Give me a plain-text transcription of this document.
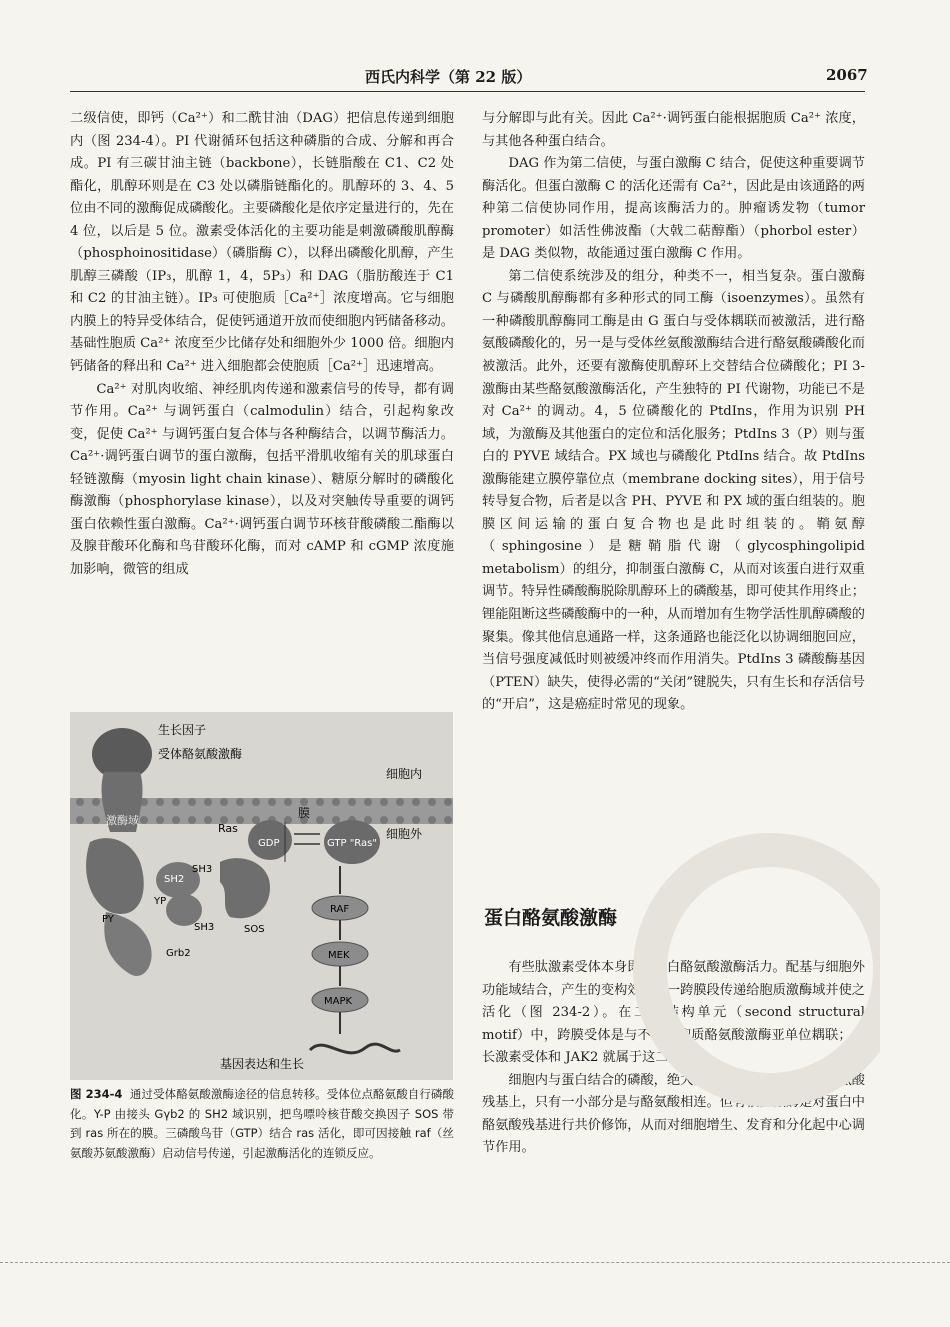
西氏内科学（第 22 版）	2067

二级信使，即钙（Ca²⁺）和二酰甘油（DAG）把信息传递到细胞内（图 234-4）。PI 代谢循环包括这种磷脂的合成、分解和再合成。PI 有三碳甘油主链（backbone），长链脂酸在 C1、C2 处酯化，肌醇环则是在 C3 处以磷脂链酯化的。肌醇环的 3、4、5 位由不同的激酶促成磷酸化。主要磷酸化是依序定量进行的，先在 4 位，以后是 5 位。激素受体活化的主要功能是刺激磷酸肌醇酶（phosphoinositidase）（磷脂酶 C），以释出磷酸化肌醇，产生肌醇三磷酸（IP₃，肌醇 1，4，5P₃）和 DAG（脂肪酸连于 C1 和 C2 的甘油主链）。IP₃ 可使胞质［Ca²⁺］浓度增高。它与细胞内膜上的特异受体结合，促使钙通道开放而使细胞内钙储备移动。基础性胞质 Ca²⁺ 浓度至少比储存处和细胞外少 1000 倍。细胞内钙储备的释出和 Ca²⁺ 进入细胞都会使胞质［Ca²⁺］迅速增高。

Ca²⁺ 对肌肉收缩、神经肌肉传递和激素信号的传导，都有调节作用。Ca²⁺ 与调钙蛋白（calmodulin）结合，引起构象改变，促使 Ca²⁺ 与调钙蛋白复合体与各种酶结合，以调节酶活力。Ca²⁺·调钙蛋白调节的蛋白激酶，包括平滑肌收缩有关的肌球蛋白轻链激酶（myosin light chain kinase）、糖原分解时的磷酸化酶激酶（phosphorylase kinase），以及对突触传导重要的调钙蛋白依赖性蛋白激酶。Ca²⁺·调钙蛋白调节环核苷酸磷酸二酯酶以及腺苷酸环化酶和鸟苷酸环化酶，而对 cAMP 和 cGMP 浓度施加影响，微管的组成

生长因子
受体酪氨酸激酶
细胞内
膜
细胞外
激酶域
Ras
GDP	GTP "Ras"
SH2
SH3
YP
PY
SH3	SOS
Grb2
RAF
MEK
MAPK
基因表达和生长
图 234-4 通过受体酪氨酸激酶途径的信息转移。受体位点酪氨酸自行磷酸化。Y-P 由接头 Gγb2 的 SH2 域识别，把鸟嘌呤核苷酸交换因子 SOS 带到 ras 所在的膜。三磷酸鸟苷（GTP）结合 ras 活化，即可因接触 raf（丝氨酸苏氨酸激酶）启动信号传递，引起激酶活化的连锁反应。

与分解即与此有关。因此 Ca²⁺·调钙蛋白能根据胞质 Ca²⁺ 浓度，与其他各种蛋白结合。

DAG 作为第二信使，与蛋白激酶 C 结合，促使这种重要调节酶活化。但蛋白激酶 C 的活化还需有 Ca²⁺，因此是由该通路的两种第二信使协同作用，提高该酶活力的。肿瘤诱发物（tumor promoter）如活性佛波酯（大戟二萜醇酯）（phorbol ester）是 DAG 类似物，故能通过蛋白激酶 C 作用。

第二信使系统涉及的组分，种类不一，相当复杂。蛋白激酶 C 与磷酸肌醇酶都有多种形式的同工酶（isoenzymes）。虽然有一种磷酸肌醇酶同工酶是由 G 蛋白与受体耦联而被激活，进行酪氨酸磷酸化的，另一是与受体丝氨酸激酶结合进行酪氨酸磷酸化而被激活。此外，还要有激酶使肌醇环上交替结合位磷酸化；PI 3-激酶由某些酪氨酸激酶活化，产生独特的 PI 代谢物，功能已不是对 Ca²⁺ 的调动。4，5 位磷酸化的 PtdIns，作用为识别 PH 域，为激酶及其他蛋白的定位和活化服务；PtdIns 3（P）则与蛋白的 PYVE 域结合。PX 域也与磷酸化 PtdIns 结合。故 PtdIns 激酶能建立膜停靠位点（membrane docking sites），用于信号转导复合物，后者是以含 PH、PYVE 和 PX 域的蛋白组装的。胞膜区间运输的蛋白复合物也是此时组装的。鞘氨醇（sphingosine）是糖鞘脂代谢（glycosphingolipid metabolism）的组分，抑制蛋白激酶 C，从而对该蛋白进行双重调节。特异性磷酸酶脱除肌醇环上的磷酸基，即可使其作用终止；锂能阻断这些磷酸酶中的一种，从而增加有生物学活性肌醇磷酸的聚集。像其他信息通路一样，这条通路也能泛化以协调细胞回应，当信号强度减低时则被缓冲终而作用消失。PtdIns 3 磷酸酶基因（PTEN）缺失，使得必需的“关闭”键脱失，只有生长和存活信号的“开启”，这是癌症时常见的现象。

蛋白酪氨酸激酶

有些肽激素受体本身即含蛋白酪氨酸激酶活力。配基与细胞外功能域结合，产生的变构效应经一跨膜段传递给胞质激酶域并使之活化（图 234-2）。在二级结构单元（second structural motif）中，跨膜受体是与不同的胞质酪氨酸激酶亚单位耦联；生长激素受体和 JAK2 就属于这二类。

细胞内与蛋白结合的磷酸，绝大多数都附着在丝氨酸和苏氨酸残基上，只有一小部分是与酪氨酸相连。但有很多激酶是对蛋白中酪氨酸残基进行共价修饰，从而对细胞增生、发育和分化起中心调节作用。
